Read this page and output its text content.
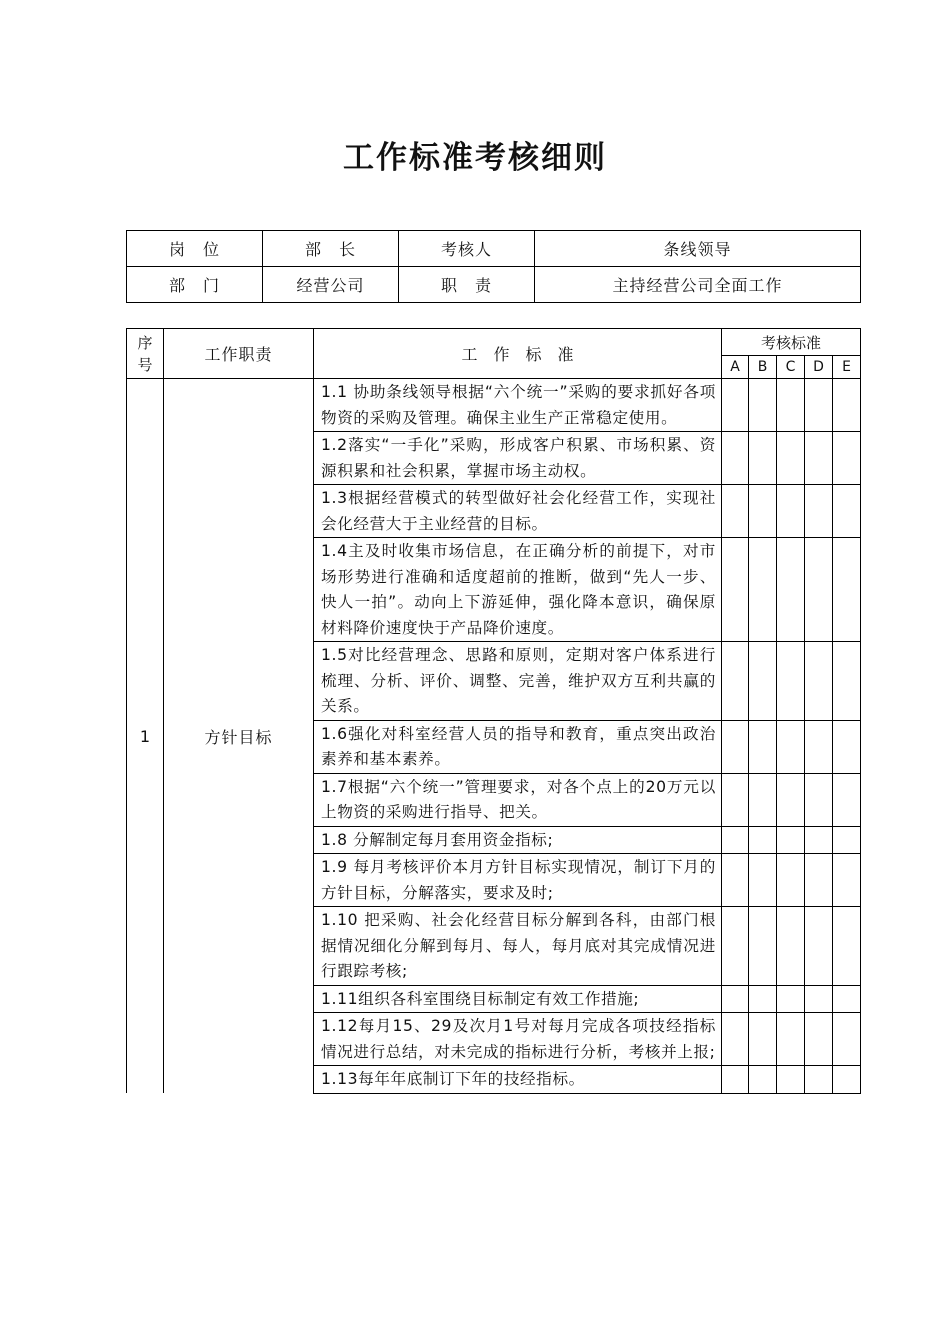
工作标准考核细则
岗　位	部　长	考核人	条线领导
部　门	经营公司	职　责	主持经营公司全面工作
序号	工作职责	工　作　标　准	考核标准				
			A	B	C	D	E
1	方针目标	1.1 协助条线领导根据“六个统一”采购的要求抓好各项物资的采购及管理。确保主业生产正常稳定使用。					
		1.2落实“一手化”采购，形成客户积累、市场积累、资源积累和社会积累，掌握市场主动权。					
		1.3根据经营模式的转型做好社会化经营工作，实现社会化经营大于主业经营的目标。					
		1.4主及时收集市场信息，在正确分析的前提下，对市场形势进行准确和适度超前的推断，做到“先人一步、快人一拍”。动向上下游延伸，强化降本意识，确保原材料降价速度快于产品降价速度。					
		1.5对比经营理念、思路和原则，定期对客户体系进行梳理、分析、评价、调整、完善，维护双方互利共赢的关系。					
		1.6强化对科室经营人员的指导和教育，重点突出政治素养和基本素养。					
		1.7根据“六个统一”管理要求，对各个点上的20万元以上物资的采购进行指导、把关。					
		1.8 分解制定每月套用资金指标;					
		1.9 每月考核评价本月方针目标实现情况，制订下月的方针目标，分解落实，要求及时;					
		1.10 把采购、社会化经营目标分解到各科，由部门根据情况细化分解到每月、每人，每月底对其完成情况进行跟踪考核;					
		1.11组织各科室围绕目标制定有效工作措施;					
		1.12每月15、29及次月1号对每月完成各项技经指标情况进行总结，对未完成的指标进行分析，考核并上报;					
		1.13每年年底制订下年的技经指标。					
